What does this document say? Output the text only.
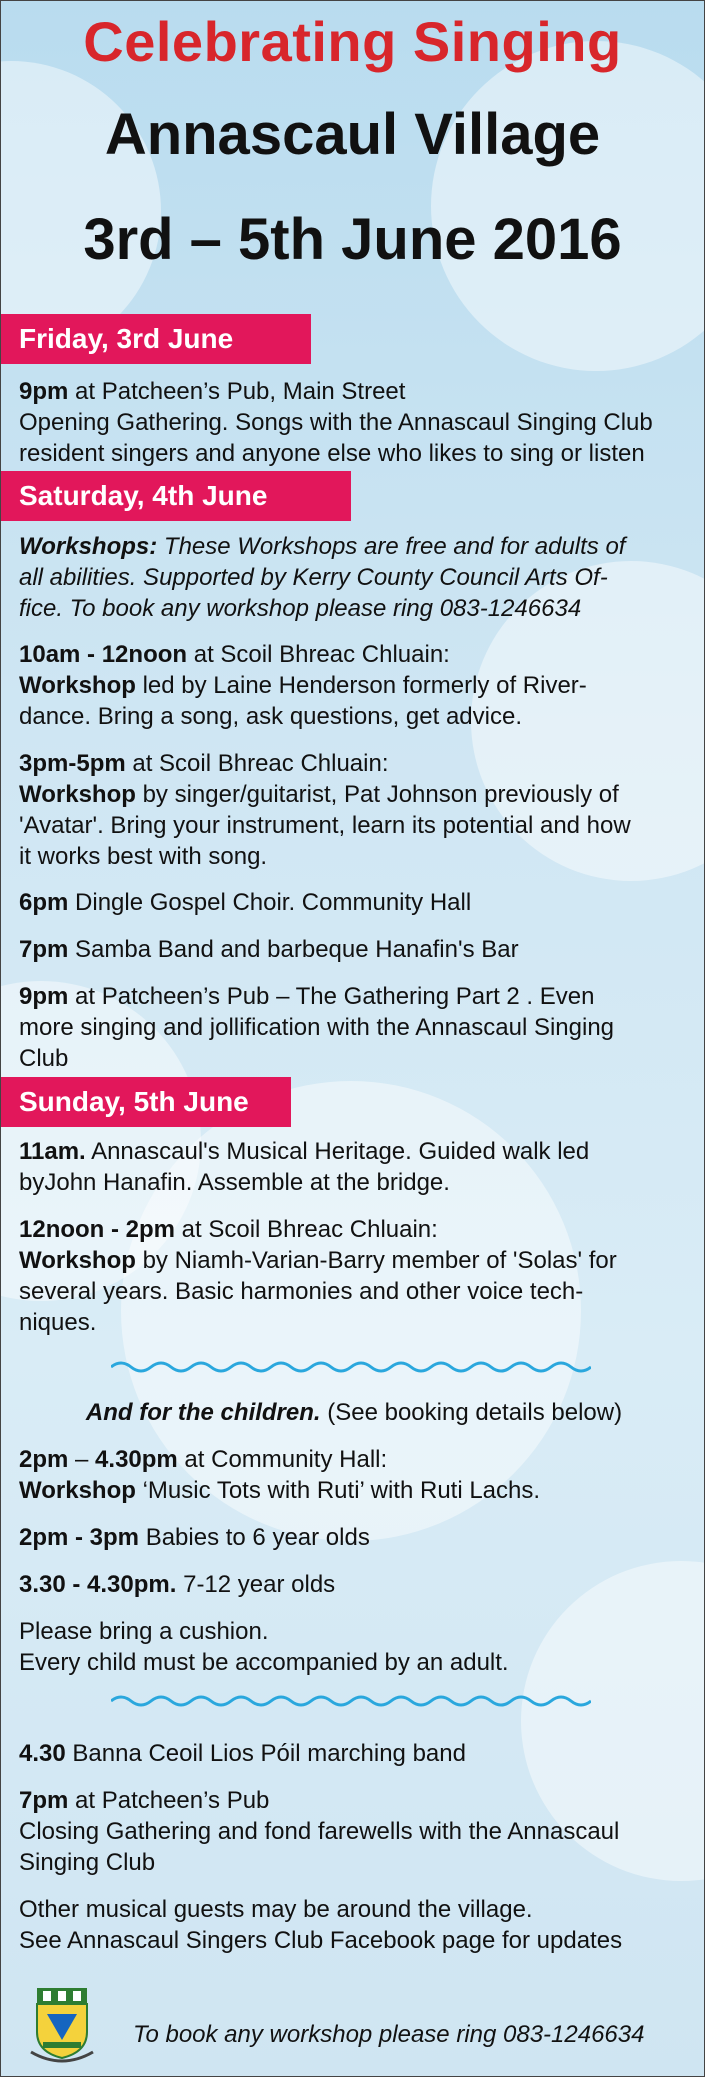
Celebrating Singing
Annascaul Village
3rd – 5th June 2016
Friday, 3rd June
9pm at Patcheen’s Pub, Main Street
Opening Gathering. Songs with the Annascaul Singing Club
resident singers and anyone else who likes to sing or listen
Saturday, 4th June
Workshops: These Workshops are free and for adults of
all abilities. Supported by Kerry County Council Arts Of-
fice. To book any workshop please ring 083-1246634
10am - 12noon at Scoil Bhreac Chluain:
Workshop led by Laine Henderson formerly of River-
dance. Bring a song, ask questions, get advice.
3pm-5pm at Scoil Bhreac Chluain:
Workshop by singer/guitarist, Pat Johnson previously of
'Avatar'. Bring your instrument, learn its potential and how
it works best with song.
6pm Dingle Gospel Choir. Community Hall
7pm Samba Band and barbeque Hanafin's Bar
9pm at Patcheen’s Pub – The Gathering Part 2 . Even
more singing and jollification with the Annascaul Singing
Club
Sunday, 5th June
11am. Annascaul's Musical Heritage. Guided walk led
byJohn Hanafin. Assemble at the bridge.
12noon - 2pm at Scoil Bhreac Chluain:
Workshop by Niamh-Varian-Barry member of 'Solas' for
several years. Basic harmonies and other voice tech-
niques.
And for the children. (See booking details below)
2pm – 4.30pm at Community Hall:
Workshop ‘Music Tots with Ruti’ with Ruti Lachs.
2pm - 3pm Babies to 6 year olds
3.30 - 4.30pm. 7-12 year olds
Please bring a cushion.
Every child must be accompanied by an adult.
4.30 Banna Ceoil Lios Póil marching band
7pm at Patcheen’s Pub
Closing Gathering and fond farewells with the Annascaul
Singing Club
Other musical guests may be around the village.
See Annascaul Singers Club Facebook page for updates
To book any workshop please ring 083-1246634
